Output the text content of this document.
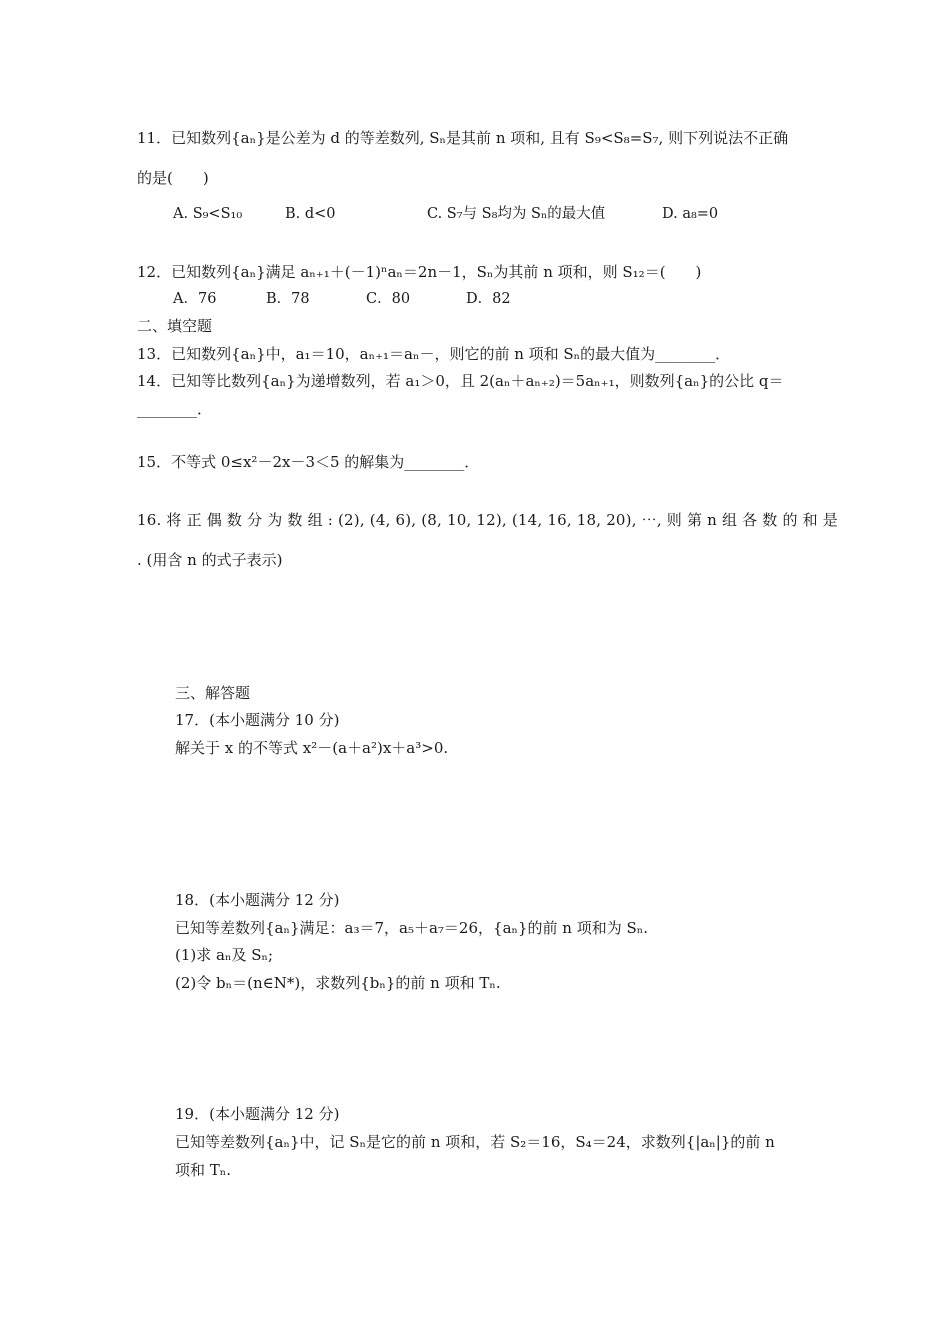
11．已知数列{aₙ}是公差为 d 的等差数列, Sₙ是其前 n 项和, 且有 S₉<S₈=S₇, 则下列说法不正确
的是(　　)
A. S₉<S₁₀	B. d<0	C. S₇与 S₈均为 Sₙ的最大值	D. a₈=0
12．已知数列{aₙ}满足 aₙ₊₁＋(－1)ⁿaₙ＝2n－1，Sₙ为其前 n 项和，则 S₁₂＝(　　)
A．76	B．78	C．80	D．82
二、填空题
13．已知数列{aₙ}中，a₁＝10，aₙ₊₁＝aₙ－，则它的前 n 项和 Sₙ的最大值为________．
14．已知等比数列{aₙ}为递增数列，若 a₁＞0，且 2(aₙ＋aₙ₊₂)＝5aₙ₊₁，则数列{aₙ}的公比 q＝
________．
15．不等式 0≤x²－2x－3＜5 的解集为________．
16. 将 正 偶 数 分 为 数 组 : (2), (4, 6), (8, 10, 12), (14, 16, 18, 20), ⋯, 则 第 n 组 各 数 的 和 是
. (用含 n 的式子表示)
三、解答题
17．(本小题满分 10 分)
解关于 x 的不等式 x²－(a＋a²)x＋a³>0.
18．(本小题满分 12 分)
已知等差数列{aₙ}满足：a₃＝7，a₅＋a₇＝26，{aₙ}的前 n 项和为 Sₙ.
(1)求 aₙ及 Sₙ;
(2)令 bₙ＝(n∈N*)，求数列{bₙ}的前 n 项和 Tₙ.
19．(本小题满分 12 分)
已知等差数列{aₙ}中，记 Sₙ是它的前 n 项和，若 S₂＝16，S₄＝24，求数列{|aₙ|}的前 n
项和 Tₙ.
